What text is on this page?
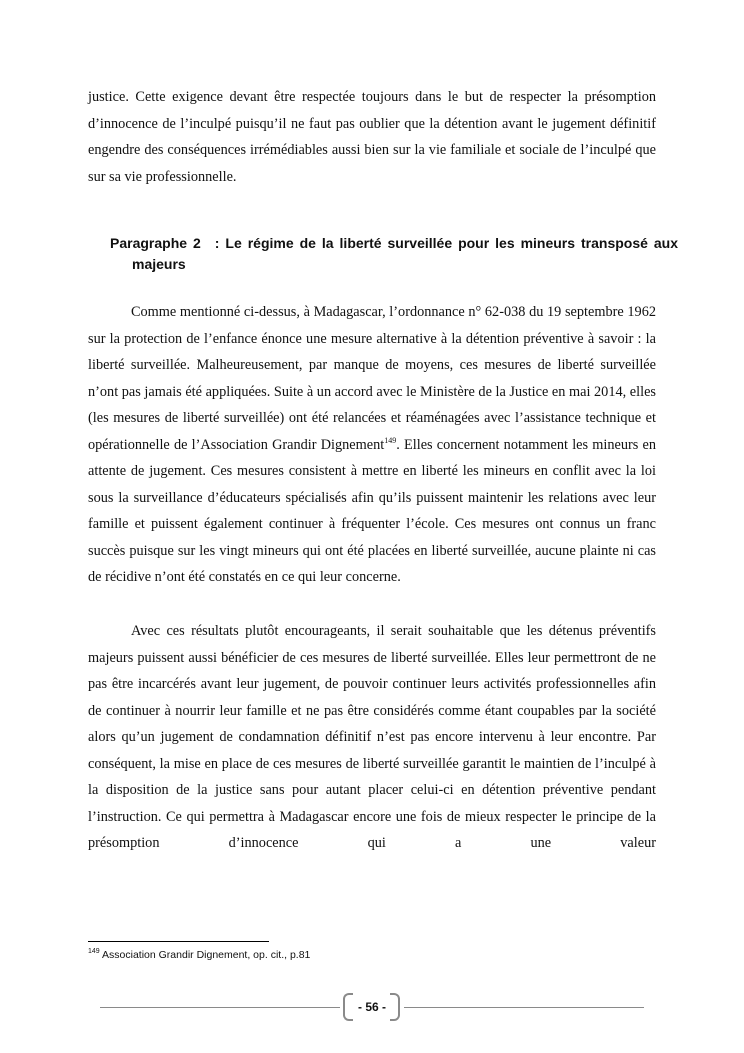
justice. Cette exigence devant être respectée toujours dans le but de respecter la présomption d’innocence de l’inculpé puisqu’il ne faut pas oublier que la détention avant le jugement définitif engendre des conséquences irrémédiables aussi bien sur la vie familiale et sociale de l’inculpé que sur sa vie professionnelle.

Paragraphe 2 : Le régime de la liberté surveillée pour les mineurs transposé aux majeurs

Comme mentionné ci-dessus, à Madagascar, l’ordonnance n° 62-038 du 19 septembre 1962 sur la protection de l’enfance énonce une mesure alternative à la détention préventive à savoir : la liberté surveillée. Malheureusement, par manque de moyens, ces mesures de liberté surveillée n’ont pas jamais été appliquées. Suite à un accord avec le Ministère de la Justice en mai 2014, elles (les mesures de liberté surveillée) ont été relancées et réaménagées avec l’assistance technique et opérationnelle de l’Association Grandir Dignement$^{149}$. Elles concernent notamment les mineurs en attente de jugement. Ces mesures consistent à mettre en liberté les mineurs en conflit avec la loi sous la surveillance d’éducateurs spécialisés afin qu’ils puissent maintenir les relations avec leur famille et puissent également continuer à fréquenter l’école. Ces mesures ont connus un franc succès puisque sur les vingt mineurs qui ont été placées en liberté surveillée, aucune plainte ni cas de récidive n’ont été constatés en ce qui leur concerne.

Avec ces résultats plutôt encourageants, il serait souhaitable que les détenus préventifs majeurs puissent aussi bénéficier de ces mesures de liberté surveillée. Elles leur permettront de ne pas être incarcérés avant leur jugement, de pouvoir continuer leurs activités professionnelles afin de continuer à nourrir leur famille et ne pas être considérés comme étant coupables par la société alors qu’un jugement de condamnation définitif n’est pas encore intervenu à leur encontre. Par conséquent, la mise en place de ces mesures de liberté surveillée garantit le maintien de l’inculpé à la disposition de la justice sans pour autant placer celui-ci en détention préventive pendant l’instruction. Ce qui permettra à Madagascar encore une fois de mieux respecter le principe de la présomption d’innocence qui a une valeur

$^{149}$ Association Grandir Dignement, op. cit., p.81

- 56 -
